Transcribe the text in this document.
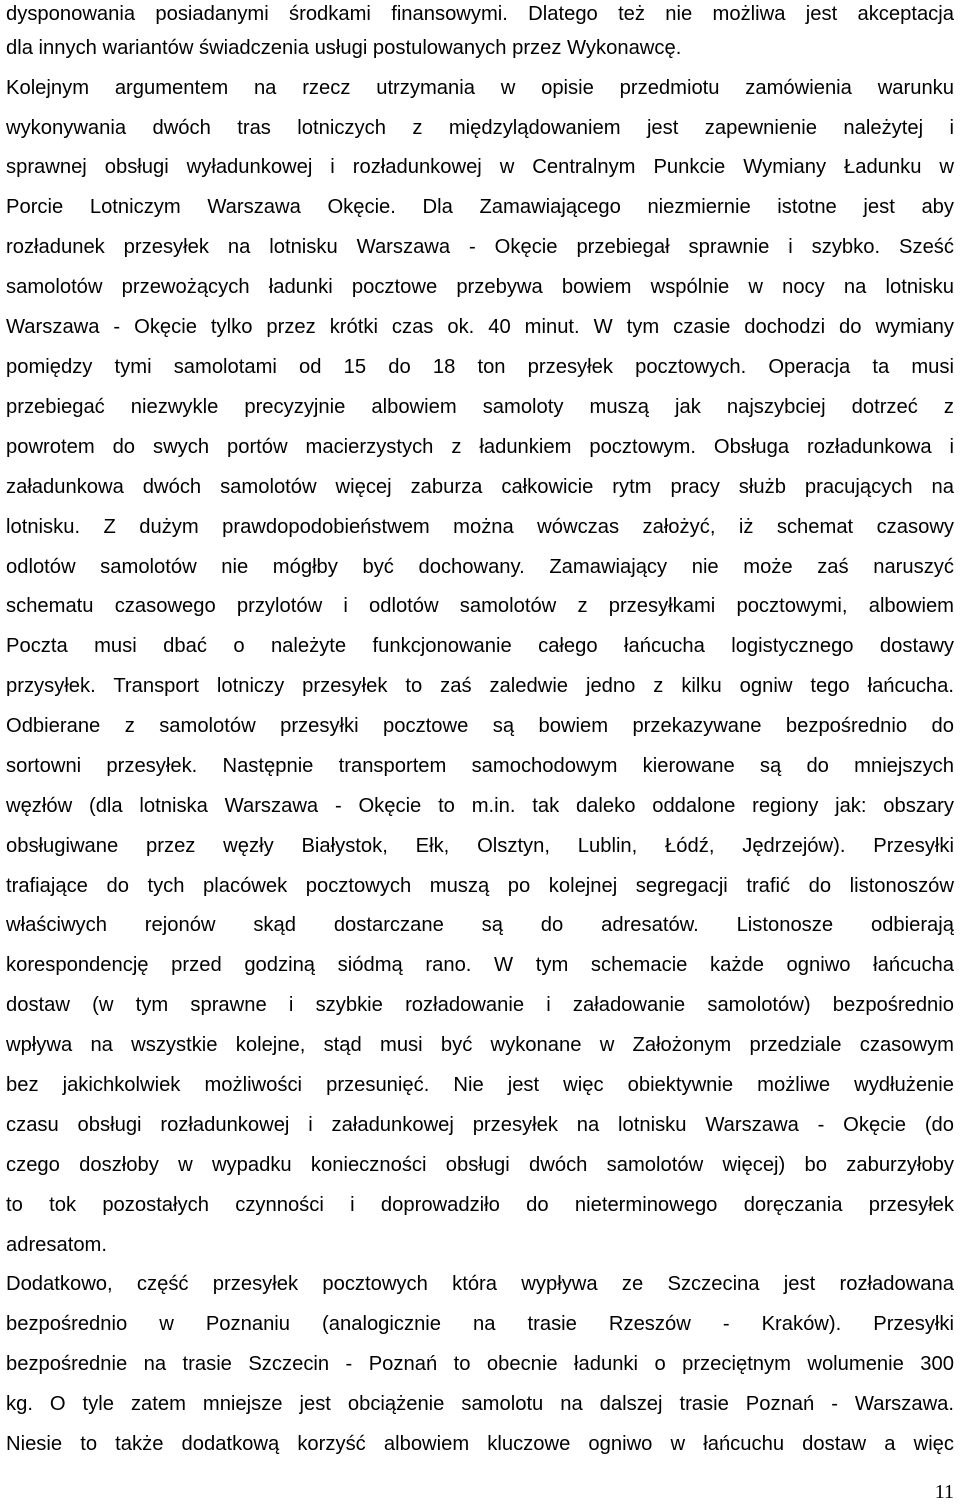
dysponowania posiadanymi środkami finansowymi. Dlatego też nie możliwa jest akceptacja
dla innych wariantów świadczenia usługi postulowanych przez Wykonawcę.
Kolejnym argumentem na rzecz utrzymania w opisie przedmiotu zamówienia warunku
wykonywania dwóch tras lotniczych z międzylądowaniem jest zapewnienie należytej i
sprawnej obsługi wyładunkowej i rozładunkowej w Centralnym Punkcie Wymiany Ładunku w
Porcie Lotniczym Warszawa Okęcie. Dla Zamawiającego niezmiernie istotne jest aby
rozładunek przesyłek na lotnisku Warszawa - Okęcie przebiegał sprawnie i szybko. Sześć
samolotów przewożących ładunki pocztowe przebywa bowiem wspólnie w nocy na lotnisku
Warszawa - Okęcie tylko przez krótki czas ok. 40 minut. W tym czasie dochodzi do wymiany
pomiędzy tymi samolotami od 15 do 18 ton przesyłek pocztowych. Operacja ta musi
przebiegać niezwykle precyzyjnie albowiem samoloty muszą jak najszybciej dotrzeć z
powrotem do swych portów macierzystych z ładunkiem pocztowym. Obsługa rozładunkowa i
załadunkowa dwóch samolotów więcej zaburza całkowicie rytm pracy służb pracujących na
lotnisku. Z dużym prawdopodobieństwem można wówczas założyć, iż schemat czasowy
odlotów samolotów nie mógłby być dochowany. Zamawiający nie może zaś naruszyć
schematu czasowego przylotów i odlotów samolotów z przesyłkami pocztowymi, albowiem
Poczta musi dbać o należyte funkcjonowanie całego łańcucha logistycznego dostawy
przysyłek. Transport lotniczy przesyłek to zaś zaledwie jedno z kilku ogniw tego łańcucha.
Odbierane z samolotów przesyłki pocztowe są bowiem przekazywane bezpośrednio do
sortowni przesyłek. Następnie transportem samochodowym kierowane są do mniejszych
węzłów (dla lotniska Warszawa - Okęcie to m.in. tak daleko oddalone regiony jak: obszary
obsługiwane przez węzły Białystok, Ełk, Olsztyn, Lublin, Łódź, Jędrzejów). Przesyłki
trafiające do tych placówek pocztowych muszą po kolejnej segregacji trafić do listonoszów
właściwych rejonów skąd dostarczane są do adresatów. Listonosze odbierają
korespondencję przed godziną siódmą rano. W tym schemacie każde ogniwo łańcucha
dostaw (w tym sprawne i szybkie rozładowanie i załadowanie samolotów) bezpośrednio
wpływa na wszystkie kolejne, stąd musi być wykonane w Założonym przedziale czasowym
bez jakichkolwiek możliwości przesunięć. Nie jest więc obiektywnie możliwe wydłużenie
czasu obsługi rozładunkowej i załadunkowej przesyłek na lotnisku Warszawa - Okęcie (do
czego doszłoby w wypadku konieczności obsługi dwóch samolotów więcej) bo zaburzyłoby
to tok pozostałych czynności i doprowadziło do nieterminowego doręczania przesyłek
adresatom.
Dodatkowo, część przesyłek pocztowych która wypływa ze Szczecina jest rozładowana
bezpośrednio w Poznaniu (analogicznie na trasie Rzeszów - Kraków). Przesyłki
bezpośrednie na trasie Szczecin - Poznań to obecnie ładunki o przeciętnym wolumenie 300
kg. O tyle zatem mniejsze jest obciążenie samolotu na dalszej trasie Poznań - Warszawa.
Niesie to także dodatkową korzyść albowiem kluczowe ogniwo w łańcuchu dostaw a więc
11
